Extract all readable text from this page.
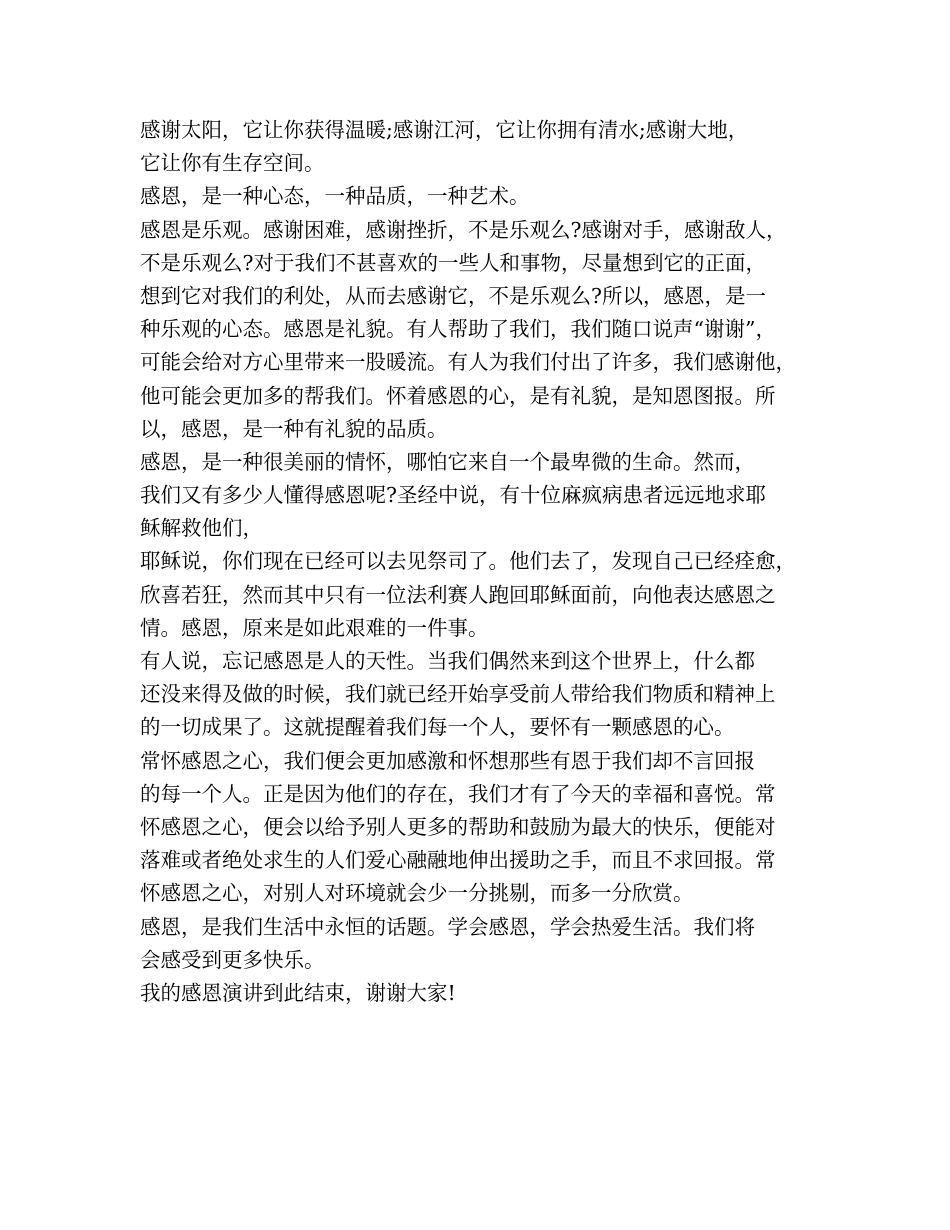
感谢太阳，它让你获得温暖;感谢江河，它让你拥有清水;感谢大地，
它让你有生存空间。
感恩，是一种心态，一种品质，一种艺术。
感恩是乐观。感谢困难，感谢挫折，不是乐观么?感谢对手，感谢敌人，
不是乐观么?对于我们不甚喜欢的一些人和事物，尽量想到它的正面，
想到它对我们的利处，从而去感谢它，不是乐观么?所以，感恩，是一
种乐观的心态。感恩是礼貌。有人帮助了我们，我们随口说声“谢谢”，
可能会给对方心里带来一股暖流。有人为我们付出了许多，我们感谢他，
他可能会更加多的帮我们。怀着感恩的心，是有礼貌，是知恩图报。所
以，感恩，是一种有礼貌的品质。
感恩，是一种很美丽的情怀，哪怕它来自一个最卑微的生命。然而，
我们又有多少人懂得感恩呢?圣经中说，有十位麻疯病患者远远地求耶
稣解救他们，
耶稣说，你们现在已经可以去见祭司了。他们去了，发现自己已经痊愈，
欣喜若狂，然而其中只有一位法利赛人跑回耶稣面前，向他表达感恩之
情。感恩，原来是如此艰难的一件事。
有人说，忘记感恩是人的天性。当我们偶然来到这个世界上，什么都
还没来得及做的时候，我们就已经开始享受前人带给我们物质和精神上
的一切成果了。这就提醒着我们每一个人，要怀有一颗感恩的心。
常怀感恩之心，我们便会更加感激和怀想那些有恩于我们却不言回报
的每一个人。正是因为他们的存在，我们才有了今天的幸福和喜悦。常
怀感恩之心，便会以给予别人更多的帮助和鼓励为最大的快乐，便能对
落难或者绝处求生的人们爱心融融地伸出援助之手，而且不求回报。常
怀感恩之心，对别人对环境就会少一分挑剔，而多一分欣赏。
感恩，是我们生活中永恒的话题。学会感恩，学会热爱生活。我们将
会感受到更多快乐。
我的感恩演讲到此结束，谢谢大家!
